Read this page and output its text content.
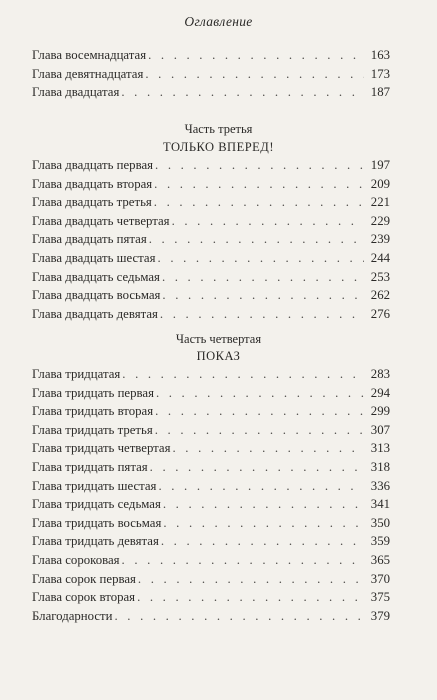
Оглавление
Глава восемнадцатая . . .	163
Глава девятнадцатая . . .	173
Глава двадцатая . . .	187
Часть третья
ТОЛЬКО ВПЕРЕД!
Глава двадцать первая . . .	197
Глава двадцать вторая . . .	209
Глава двадцать третья . . .	221
Глава двадцать четвертая . . .	229
Глава двадцать пятая . . .	239
Глава двадцать шестая . . .	244
Глава двадцать седьмая . . .	253
Глава двадцать восьмая . . .	262
Глава двадцать девятая . . .	276
Часть четвертая
ПОКАЗ
Глава тридцатая . . .	283
Глава тридцать первая . . .	294
Глава тридцать вторая . . .	299
Глава тридцать третья . . .	307
Глава тридцать четвертая . . .	313
Глава тридцать пятая . . .	318
Глава тридцать шестая . . .	336
Глава тридцать седьмая . . .	341
Глава тридцать восьмая . . .	350
Глава тридцать девятая . . .	359
Глава сороковая . . .	365
Глава сорок первая . . .	370
Глава сорок вторая . . .	375
Благодарности . . .	379
